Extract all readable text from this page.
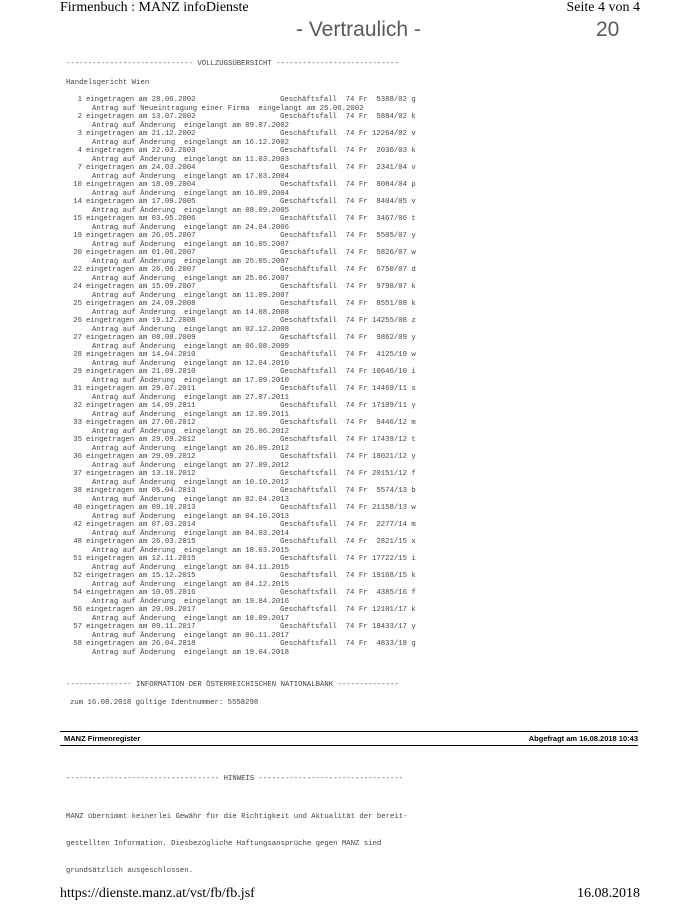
Firmenbuch : MANZ infoDienste	Seite 4 von 4
- Vertraulich -	20
----------------------------- VOLLZUGSÜBERSICHT ----------------------------
Handelsgericht Wien
1 eingetragen am 28.06.2002	Geschäftsfall  74 Fr  5388/02 g
Antrag auf Neueintragung einer Firma  eingelangt am 25.06.2002
2 eingetragen am 13.07.2002	Geschäftsfall  74 Fr  5884/02 k
Antrag auf Änderung  eingelangt am 09.07.2002
3 eingetragen am 21.12.2002	Geschäftsfall  74 Fr 12264/02 v
Antrag auf Änderung  eingelangt am 16.12.2002
4 eingetragen am 22.03.2003	Geschäftsfall  74 Fr  2036/03 k
Antrag auf Änderung  eingelangt am 11.03.2003
7 eingetragen am 24.03.2004	Geschäftsfall  74 Fr  2341/04 v
Antrag auf Änderung  eingelangt am 17.03.2004
10 eingetragen am 18.09.2004	Geschäftsfall  74 Fr  8084/04 p
Antrag auf Änderung  eingelangt am 16.09.2004
14 eingetragen am 17.09.2005	Geschäftsfall  74 Fr  8404/05 v
Antrag auf Änderung  eingelangt am 08.09.2005
15 eingetragen am 03.05.2006	Geschäftsfall  74 Fr  3467/06 t
Antrag auf Änderung  eingelangt am 24.04.2006
19 eingetragen am 26.05.2007	Geschäftsfall  74 Fr  5505/07 y
Antrag auf Änderung  eingelangt am 16.05.2007
20 eingetragen am 01.06.2007	Geschäftsfall  74 Fr  5826/07 w
Antrag auf Änderung  eingelangt am 25.05.2007
22 eingetragen am 26.06.2007	Geschäftsfall  74 Fr  6750/07 d
Antrag auf Änderung  eingelangt am 25.06.2007
24 eingetragen am 15.09.2007	Geschäftsfall  74 Fr  9798/07 k
Antrag auf Änderung  eingelangt am 11.09.2007
25 eingetragen am 24.09.2008	Geschäftsfall  74 Fr  8551/08 k
Antrag auf Änderung  eingelangt am 14.08.2008
26 eingetragen am 19.12.2008	Geschäftsfall  74 Fr 14255/08 z
Antrag auf Änderung  eingelangt am 02.12.2008
27 eingetragen am 08.08.2009	Geschäftsfall  74 Fr  9862/09 y
Antrag auf Änderung  eingelangt am 06.08.2009
28 eingetragen am 14.04.2010	Geschäftsfall  74 Fr  4125/10 w
Antrag auf Änderung  eingelangt am 12.04.2010
29 eingetragen am 21.09.2010	Geschäftsfall  74 Fr 10646/10 i
Antrag auf Änderung  eingelangt am 17.09.2010
31 eingetragen am 29.07.2011	Geschäftsfall  74 Fr 14469/11 s
Antrag auf Änderung  eingelangt am 27.07.2011
32 eingetragen am 14.09.2011	Geschäftsfall  74 Fr 17109/11 y
Antrag auf Änderung  eingelangt am 12.09.2011
33 eingetragen am 27.06.2012	Geschäftsfall  74 Fr  9446/12 m
Antrag auf Änderung  eingelangt am 25.06.2012
35 eingetragen am 29.09.2012	Geschäftsfall  74 Fr 17439/12 t
Antrag auf Änderung  eingelangt am 26.09.2012
36 eingetragen am 29.09.2012	Geschäftsfall  74 Fr 18021/12 y
Antrag auf Änderung  eingelangt am 27.09.2012
37 eingetragen am 13.10.2012	Geschäftsfall  74 Fr 20151/12 f
Antrag auf Änderung  eingelangt am 10.10.2012
38 eingetragen am 05.04.2013	Geschäftsfall  74 Fr  5574/13 b
Antrag auf Änderung  eingelangt am 02.04.2013
40 eingetragen am 09.10.2013	Geschäftsfall  74 Fr 21158/13 w
Antrag auf Änderung  eingelangt am 04.10.2013
42 eingetragen am 07.03.2014	Geschäftsfall  74 Fr  2277/14 m
Antrag auf Änderung  eingelangt am 04.03.2014
48 eingetragen am 26.03.2015	Geschäftsfall  74 Fr  2821/15 x
Antrag auf Änderung  eingelangt am 18.03.2015
51 eingetragen am 12.11.2015	Geschäftsfall  74 Fr 17722/15 i
Antrag auf Änderung  eingelangt am 04.11.2015
52 eingetragen am 15.12.2015	Geschäftsfall  74 Fr 19168/15 k
Antrag auf Änderung  eingelangt am 04.12.2015
54 eingetragen am 10.05.2016	Geschäftsfall  74 Fr  4385/16 f
Antrag auf Änderung  eingelangt am 19.04.2016
56 eingetragen am 20.09.2017	Geschäftsfall  74 Fr 12101/17 k
Antrag auf Änderung  eingelangt am 18.09.2017
57 eingetragen am 09.11.2017	Geschäftsfall  74 Fr 18433/17 y
Antrag auf Änderung  eingelangt am 06.11.2017
58 eingetragen am 26.04.2018	Geschäftsfall  74 Fr  4833/18 g
Antrag auf Änderung  eingelangt am 19.04.2018
--------------- INFORMATION DER ÖSTERREICHISCHEN NATIONALBANK --------------
zum 16.08.2018 gültige Identnummer: 5558298
MANZ Firmenregister	Abgefragt am 16.08.2018 10:43
----------------------------------- HINWEIS ---------------------------------

MANZ übernimmt keinerlei Gewähr für die Richtigkeit und Aktualität der bereit-

gestellten Information. Diesbezügliche Haftungsansprüche gegen MANZ sind

grundsätzlich ausgeschlossen.

https://dienste.manz.at/vst/fb/fb.jsf	16.08.2018
